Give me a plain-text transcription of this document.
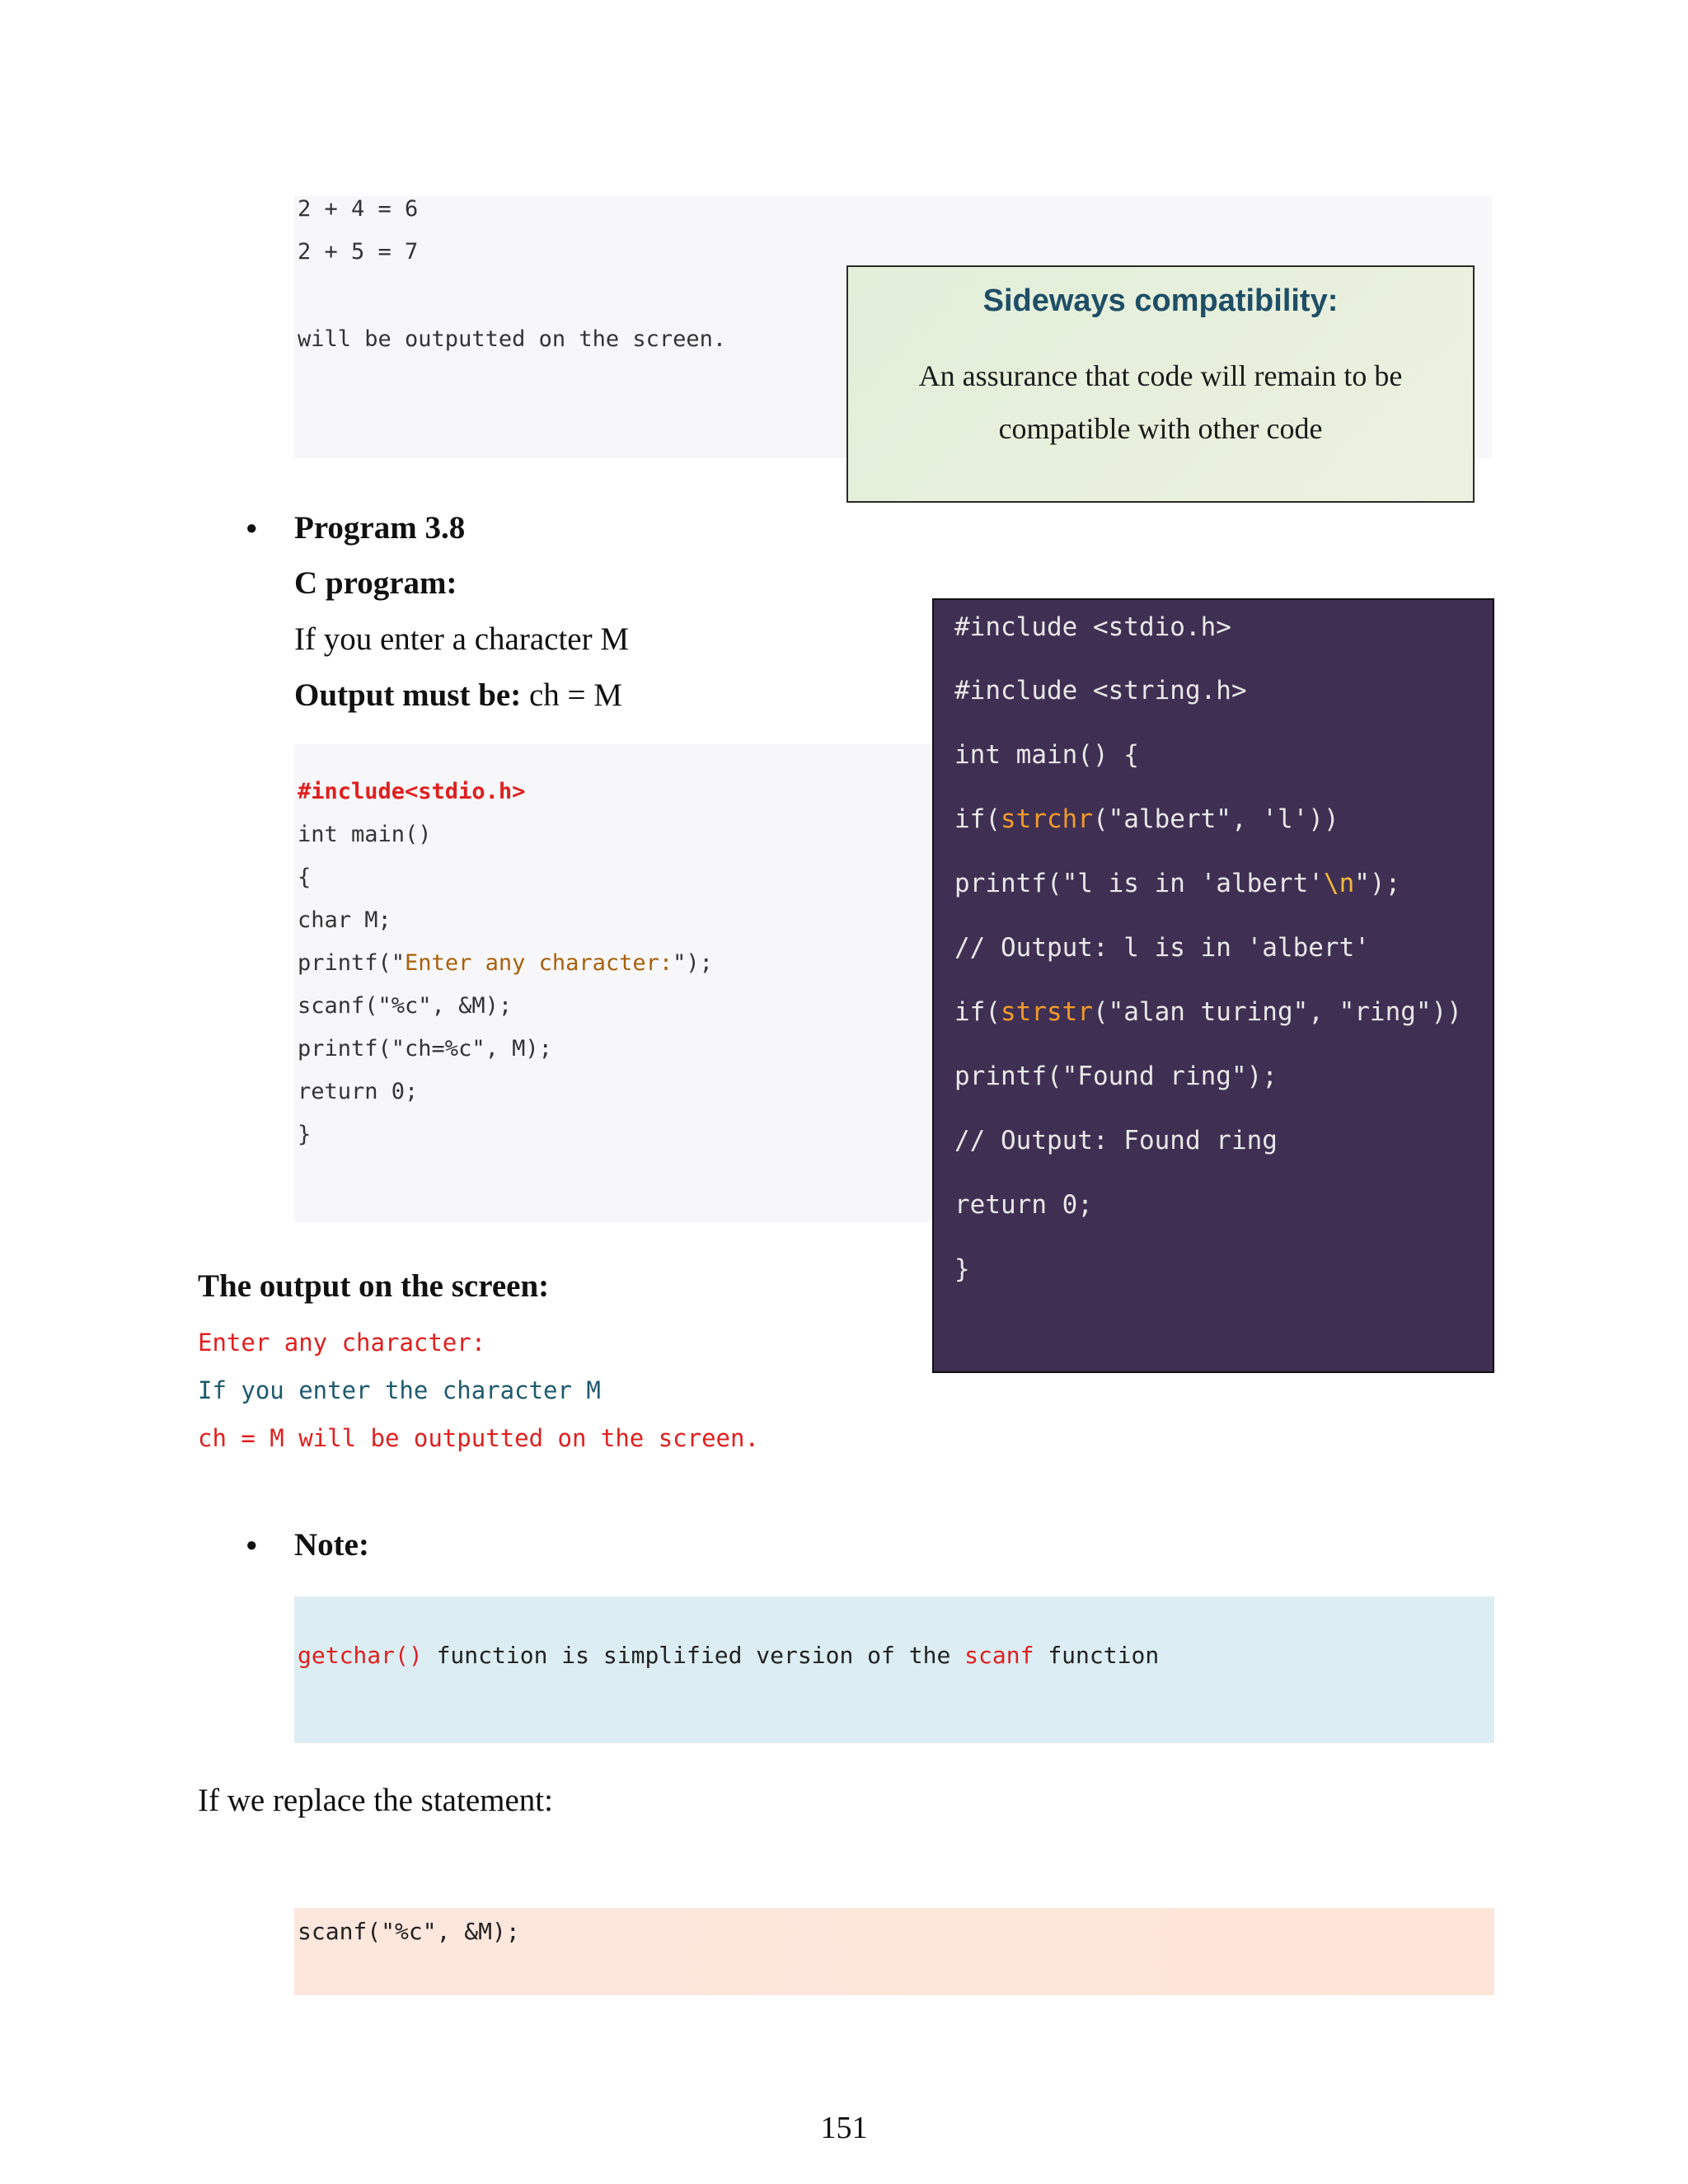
2 + 4 = 6
2 + 5 = 7
will be outputted on the screen.
Sideways compatibility:
An assurance that code will remain to be
compatible with other code
● Program 3.8
C program:
If you enter a character M
Output must be: ch = M
#include<stdio.h>
int main()
{
char M;
printf("Enter any character:");
scanf("%c", &M);
printf("ch=%c", M);
return 0;
}
#include <stdio.h>
#include <string.h>
int main() {
if(strchr("albert", 'l'))
printf("l is in 'albert'\n");
// Output: l is in 'albert'
if(strstr("alan turing", "ring"))
printf("Found ring");
// Output: Found ring
return 0;
}
The output on the screen:
Enter any character:
If you enter the character M
ch = M will be outputted on the screen.
● Note:
getchar() function is simplified version of the scanf function
If we replace the statement:
scanf("%c", &M);
151
